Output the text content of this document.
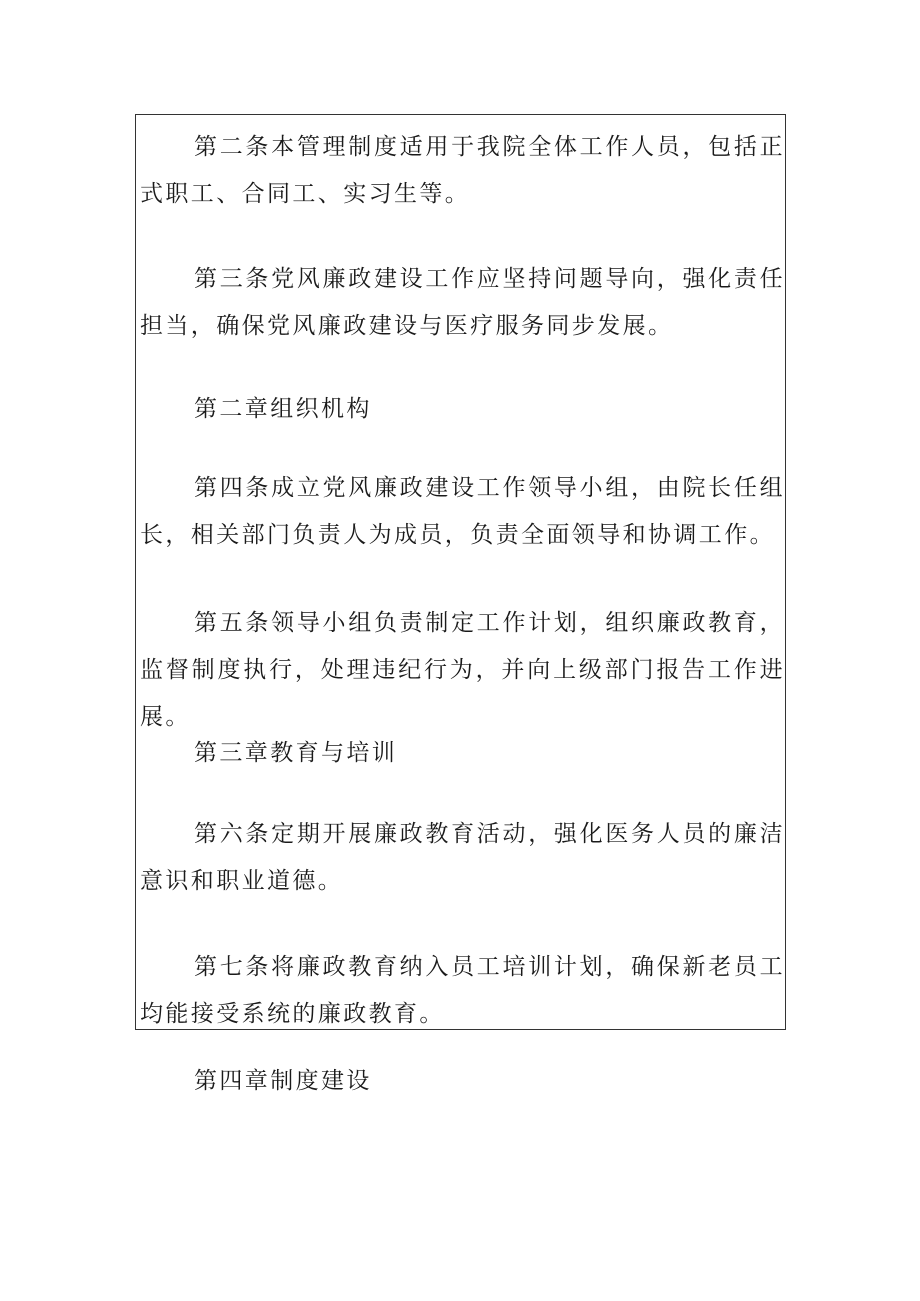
第二条本管理制度适用于我院全体工作人员，包括正式职工、合同工、实习生等。

第三条党风廉政建设工作应坚持问题导向，强化责任担当，确保党风廉政建设与医疗服务同步发展。

第二章组织机构

第四条成立党风廉政建设工作领导小组，由院长任组长，相关部门负责人为成员，负责全面领导和协调工作。

第五条领导小组负责制定工作计划，组织廉政教育，监督制度执行，处理违纪行为，并向上级部门报告工作进展。

第三章教育与培训

第六条定期开展廉政教育活动，强化医务人员的廉洁意识和职业道德。

第七条将廉政教育纳入员工培训计划，确保新老员工均能接受系统的廉政教育。

第四章制度建设
